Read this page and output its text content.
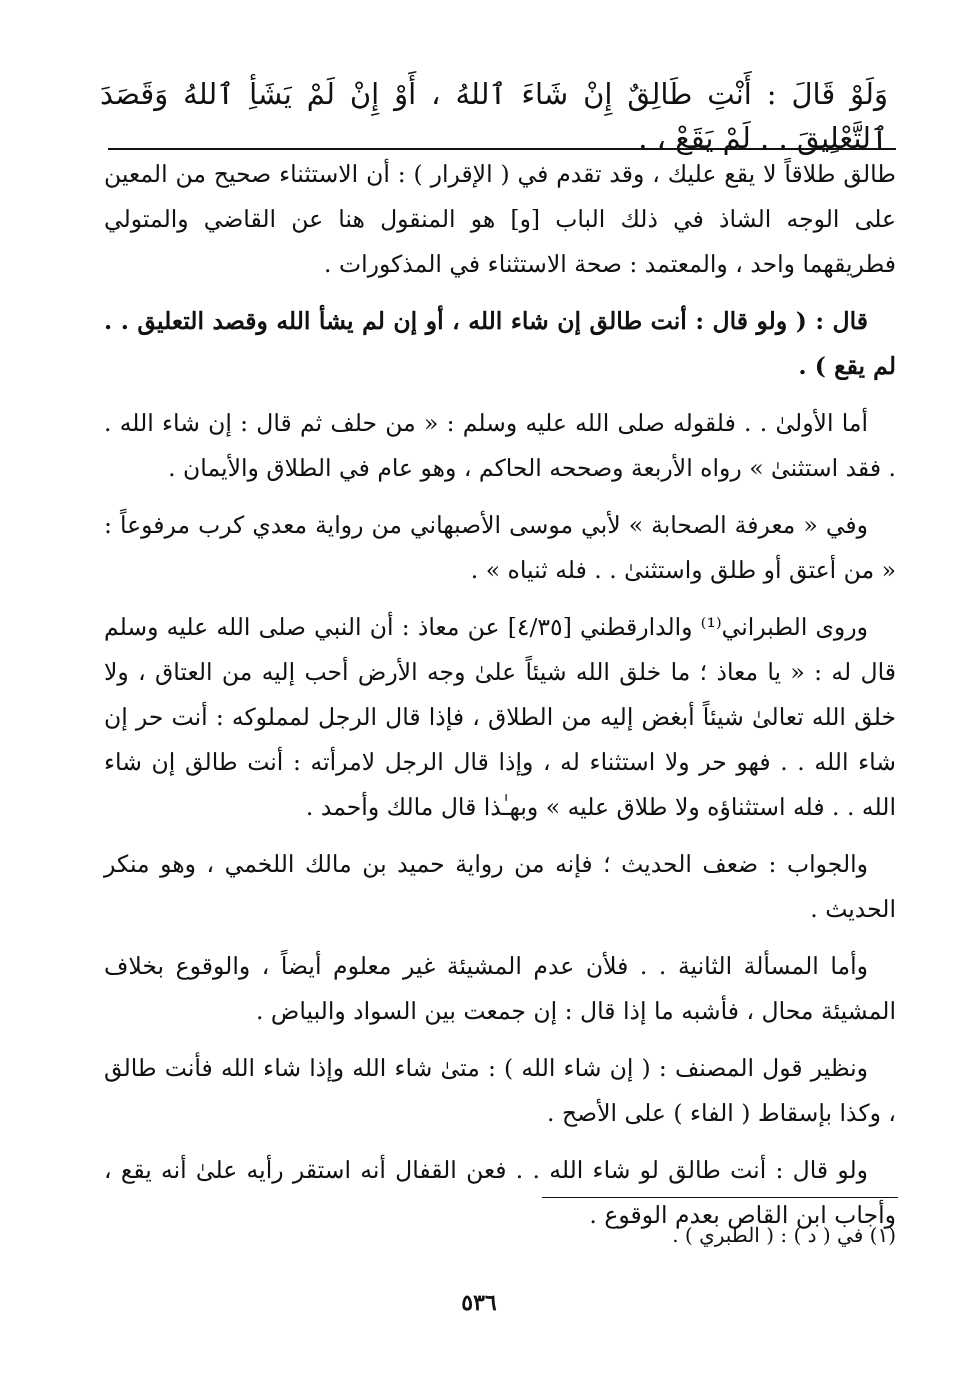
وَلَوْ قَالَ : أَنْتِ طَالِقٌ إِنْ شَاءَ ٱللهُ ، أَوْ إِنْ لَمْ يَشَأِ ٱللهُ وَقَصَدَ ٱلتَّعْلِيقَ . . لَمْ يَقَعْ ، .

طالق طلاقاً لا يقع عليك ، وقد تقدم في ( الإقرار ) : أن الاستثناء صحيح من المعين على الوجه الشاذ في ذلك الباب [و] هو المنقول هنا عن القاضي والمتولي فطريقهما واحد ، والمعتمد : صحة الاستثناء في المذكورات .

قال : ( ولو قال : أنت طالق إن شاء الله ، أو إن لم يشأ الله وقصد التعليق . . لم يقع ) .

أما الأولىٰ . . فلقوله صلى الله عليه وسلم : « من حلف ثم قال : إن شاء الله . . فقد استثنىٰ » رواه الأربعة وصححه الحاكم ، وهو عام في الطلاق والأيمان .

وفي « معرفة الصحابة » لأبي موسى الأصبهاني من رواية معدي كرب مرفوعاً : « من أعتق أو طلق واستثنىٰ . . فله ثنياه » .

وروى الطبراني⁽¹⁾ والدارقطني [٤/٣٥] عن معاذ : أن النبي صلى الله عليه وسلم قال له : « يا معاذ ؛ ما خلق الله شيئاً علىٰ وجه الأرض أحب إليه من العتاق ، ولا خلق الله تعالىٰ شيئاً أبغض إليه من الطلاق ، فإذا قال الرجل لمملوكه : أنت حر إن شاء الله . . فهو حر ولا استثناء له ، وإذا قال الرجل لامرأته : أنت طالق إن شاء الله . . فله استثناؤه ولا طلاق عليه » وبهـٰذا قال مالك وأحمد .

والجواب : ضعف الحديث ؛ فإنه من رواية حميد بن مالك اللخمي ، وهو منكر الحديث .

وأما المسألة الثانية . . فلأن عدم المشيئة غير معلوم أيضاً ، والوقوع بخلاف المشيئة محال ، فأشبه ما إذا قال : إن جمعت بين السواد والبياض .

ونظير قول المصنف : ( إن شاء الله ) : متىٰ شاء الله وإذا شاء الله فأنت طالق ، وكذا بإسقاط ( الفاء ) على الأصح .

ولو قال : أنت طالق لو شاء الله . . فعن القفال أنه استقر رأيه علىٰ أنه يقع ، وأجاب ابن القاص بعدم الوقوع .

(١) في ( د ) : ( الطبري ) .
٥٣٦
